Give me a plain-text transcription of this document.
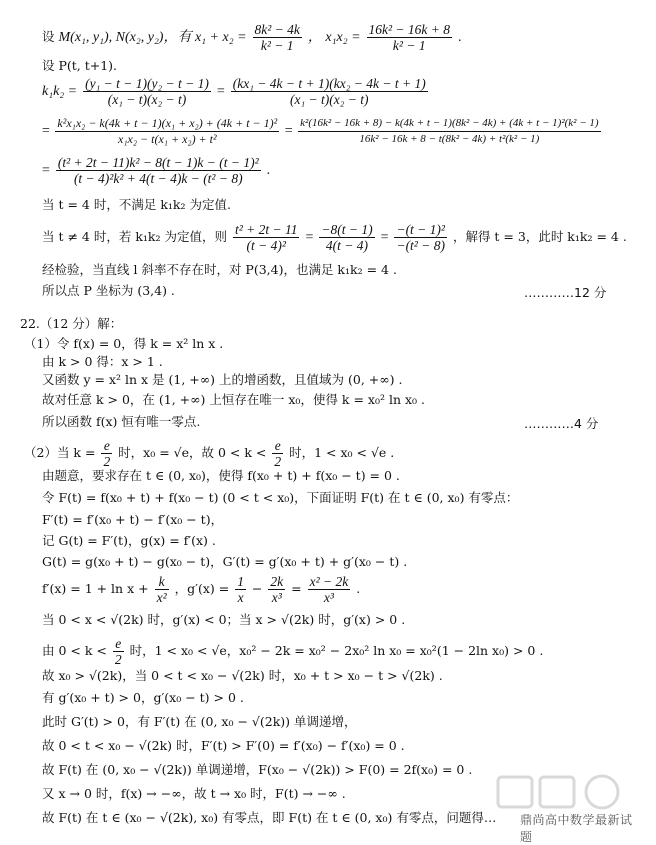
设 M(x₁, y₁), N(x₂, y₂)，有 $x_1 + x_2 = \frac{\text{8k² − 4k}}{\text{k² − 1}}$ ， $x_1x_2 = \frac{\text{16k² − 16k + 8}}{\text{k² − 1}}$ .
设 P(t, t+1).
$k_1k_2 = \frac{\text{(y₁ − t − 1)(y₂ − t − 1)}}{\text{(x₁ − t)(x₂ − t)}} = \frac{\text{(kx₁ − 4k − t + 1)(kx₂ − 4k − t + 1)}}{\text{(x₁ − t)(x₂ − t)}}$
= $\frac{\text{k²x₁x₂ − k(4k + t − 1)(x₁ + x₂) + (4k + t − 1)²}}{\text{x₁x₂ − t(x₁ + x₂) + t²}}$ =
k²(16k² − 16k + 8) − k(4k + t − 1)(8k² − 4k) + (4k + t − 1)²(k² − 1)
16k² − 16k + 8 − t(8k² − 4k) + t²(k² − 1)
= $\frac{\text{(t² + 2t − 11)k² − 8(t − 1)k − (t − 1)²}}{\text{(t − 4)²k² + 4(t − 4)k − (t² − 8)}}$ .
当 t = 4 时，不满足 k₁k₂ 为定值.
当 t ≠ 4 时，若 k₁k₂ 为定值，则 $\frac{\text{t² + 2t − 11}}{\text{(t − 4)²}} = \frac{-8(t - 1)}{4(t - 4)} = \frac{\text{−(t − 1)²}}{\text{−(t² − 8)}}$ ，解得 t = 3，此时 k₁k₂ = 4 .
经检验，当直线 l 斜率不存在时，对 P(3,4)，也满足 k₁k₂ = 4 .
所以点 P 坐标为 (3,4) .	…………12 分
22.（12 分）解：
（1）令 f(x) = 0，得 k = x² ln x .
由 k > 0 得：x > 1 .
又函数 y = x² ln x 是 (1, +∞) 上的增函数，且值域为 (0, +∞) .
故对任意 k > 0，在 (1, +∞) 上恒存在唯一 x₀，使得 k = x₀² ln x₀ .
所以函数 f(x) 恒有唯一零点.	…………4 分
（2）当 $k = \frac{e}{2}$ 时，x₀ = √e，故 $0 < k < \frac{e}{2}$ 时，1 < x₀ < √e .
由题意，要求存在 t ∈ (0, x₀)，使得 f(x₀ + t) + f(x₀ − t) = 0 .
令 F(t) = f(x₀ + t) + f(x₀ − t) (0 < t < x₀)，下面证明 F(t) 在 t ∈ (0, x₀) 有零点：
F′(t) = f′(x₀ + t) − f′(x₀ − t)，
记 G(t) = F′(t)，g(x) = f′(x) .
G(t) = g(x₀ + t) − g(x₀ − t)，G′(t) = g′(x₀ + t) + g′(x₀ − t) .
$f'(x) = 1 + \ln x + \frac{k}{\text{x²}}$ ，$g'(x) = \frac{1}{x} - \frac{2k}{\text{x³}} = \frac{\text{x² − 2k}}{\text{x³}}$ .
当 0 < x < √(2k) 时，g′(x) < 0；当 x > √(2k) 时，g′(x) > 0 .
由 $0 < k < \frac{e}{2}$ 时，1 < x₀ < √e，x₀² − 2k = x₀² − 2x₀² ln x₀ = x₀²(1 − 2ln x₀) > 0 .
故 x₀ > √(2k)，当 0 < t < x₀ − √(2k) 时，x₀ + t > x₀ − t > √(2k) .
有 g′(x₀ + t) > 0，g′(x₀ − t) > 0 .
此时 G′(t) > 0，有 F′(t) 在 (0, x₀ − √(2k)) 单调递增，
故 0 < t < x₀ − √(2k) 时，F′(t) > F′(0) = f′(x₀) − f′(x₀) = 0 .
故 F(t) 在 (0, x₀ − √(2k)) 单调递增，F(x₀ − √(2k)) > F(0) = 2f(x₀) = 0 .
又 x → 0 时，f(x) → −∞，故 t → x₀ 时，F(t) → −∞ .
故 F(t) 在 t ∈ (x₀ − √(2k), x₀) 有零点，即 F(t) 在 t ∈ (0, x₀) 有零点，问题得… 鼎尚高中数学最新试题
